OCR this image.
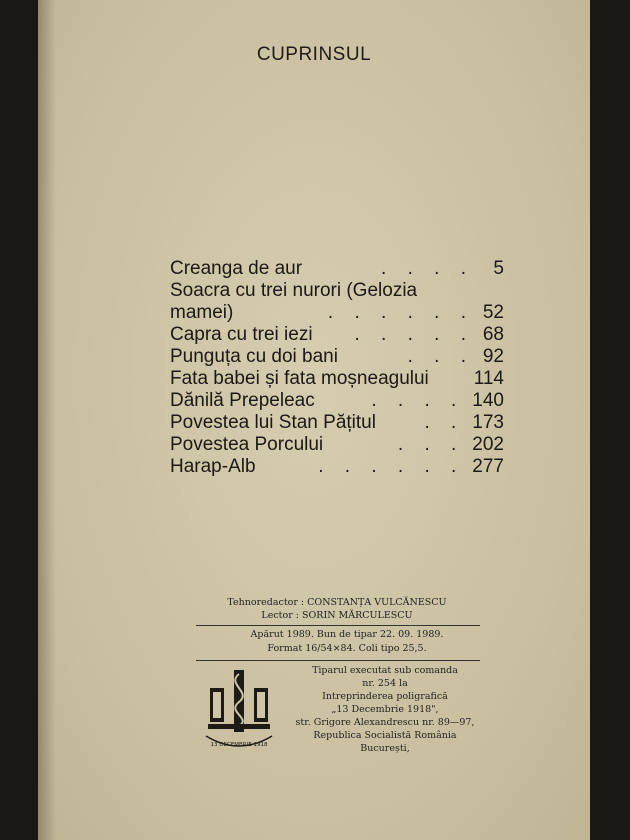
CUPRINSUL
Creanga de aur	. . . .	5
Soacra cu trei nurori (Gelozia
mamei)	. . . . . . 52
Capra cu trei iezi	. . . . . 68
Punguța cu doi bani	. . . 92
Fata babei și fata moșneagului 114
Dănilă Prepeleac	. . . . 140
Povestea lui Stan Pățitul	. . 173
Povestea Porcului	. . . 202
Harap-Alb	. . . . . . 277
Tehnoredactor : CONSTANȚA VULCĂNESCU
Lector : SORIN MĂRCULESCU
Apărut 1989. Bun de tipar 22. 09. 1989.
Format 16/54×84. Coli tipo 25,5.
13 DECEMBRIE 1918
Tiparul executat sub comanda
nr. 254 la
Intreprinderea poligrafică
„13 Decembrie 1918",
str. Grigore Alexandrescu nr. 89—97,
Republica Socialistă România
București,
